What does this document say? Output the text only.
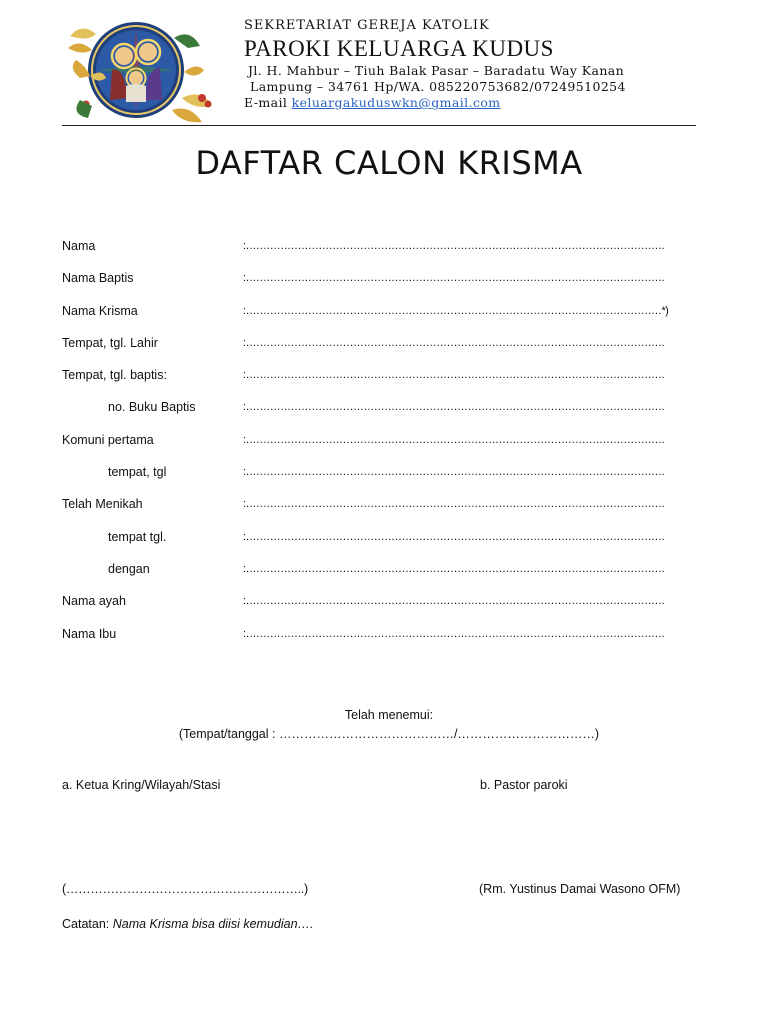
SEKRETARIAT GEREJA KATOLIK
PAROKI KELUARGA KUDUS
Jl. H. Mahbur – Tiuh Balak Pasar – Baradatu Way Kanan
Lampung – 34761 Hp/WA. 085220753682/07249510254
E-mail keluargakuduswkn@gmail.com
DAFTAR CALON KRISMA
Nama	:………………………………………………………………………………………………………….
Nama Baptis	:………………………………………………………………………………………………………….
Nama Krisma	:…………………………………………………………………………………………………………*)
Tempat, tgl. Lahir	:………………………………………………………………………………………………………….
Tempat, tgl. baptis:	:………………………………………………………………………………………………………….
no. Buku Baptis	:………………………………………………………………………………………………………….
Komuni pertama	:………………………………………………………………………………………………………….
tempat, tgl	:………………………………………………………………………………………………………….
Telah Menikah	:………………………………………………………………………………………………………….
tempat tgl.	:………………………………………………………………………………………………………….
dengan	:………………………………………………………………………………………………………….
Nama ayah	:………………………………………………………………………………………………………….
Nama Ibu	:………………………………………………………………………………………………………….
Telah menemui:
(Tempat/tanggal : ……………………………………/……………………………)
a. Ketua Kring/Wilayah/Stasi	b. Pastor paroki
(…………………………………………………..)	(Rm. Yustinus Damai Wasono OFM)
Catatan: Nama Krisma bisa diisi kemudian….
